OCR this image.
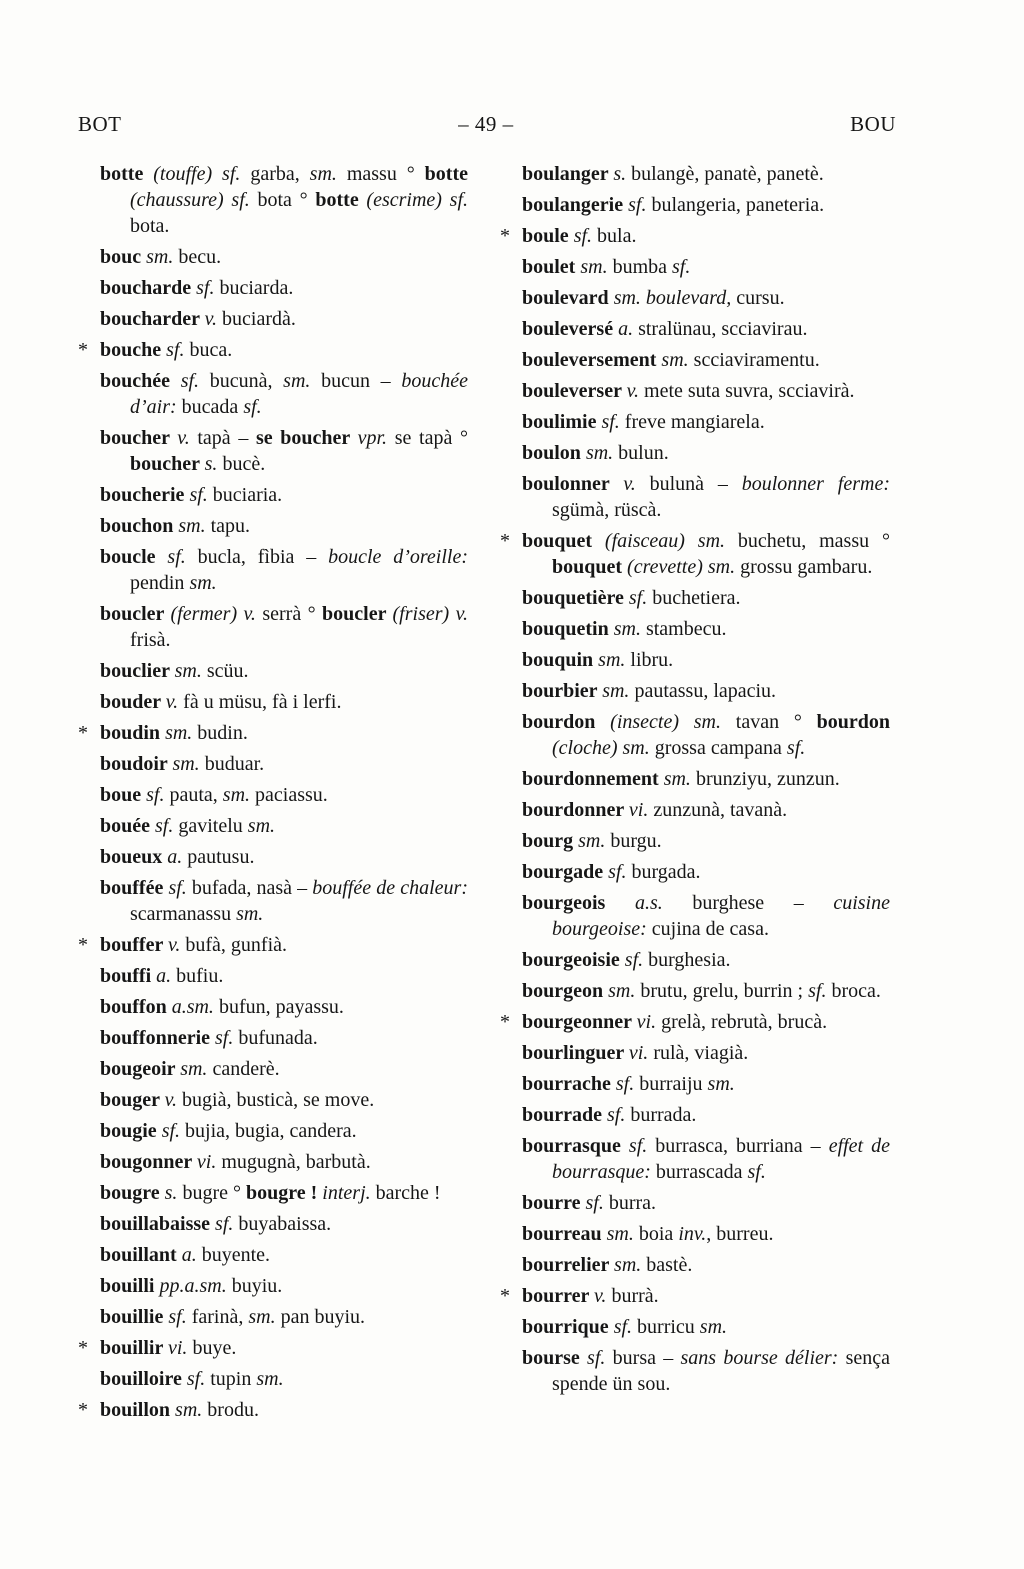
BOT	– 49 –	BOU
botte (touffe) sf. garba, sm. massu ° botte (chaussure) sf. bota ° botte (escrime) sf. bota.
bouc sm. becu.
boucharde sf. buciarda.
boucharder v. buciardà.
* bouche sf. buca.
bouchée sf. bucunà, sm. bucun – bouchée d’air: bucada sf.
boucher v. tapà – se boucher vpr. se tapà ° boucher s. bucè.
boucherie sf. buciaria.
bouchon sm. tapu.
boucle sf. bucla, fìbia – boucle d’oreille: pendin sm.
boucler (fermer) v. serrà ° boucler (friser) v. frisà.
bouclier sm. scüu.
bouder v. fà u müsu, fà i lerfi.
* boudin sm. budin.
boudoir sm. buduar.
boue sf. pauta, sm. paciassu.
bouée sf. gavitelu sm.
boueux a. pautusu.
bouffée sf. bufada, nasà – bouffée de chaleur: scarmanassu sm.
* bouffer v. bufà, gunfià.
bouffi a. bufiu.
bouffon a.sm. bufun, payassu.
bouffonnerie sf. bufunada.
bougeoir sm. canderè.
bouger v. bugià, busticà, se move.
bougie sf. bujia, bugia, candera.
bougonner vi. mugugnà, barbutà.
bougre s. bugre ° bougre ! interj. barche !
bouillabaisse sf. buyabaissa.
bouillant a. buyente.
bouilli pp.a.sm. buyiu.
bouillie sf. farinà, sm. pan buyiu.
* bouillir vi. buye.
bouilloire sf. tupin sm.
* bouillon sm. brodu.
boulanger s. bulangè, panatè, panetè.
boulangerie sf. bulangeria, paneteria.
* boule sf. bula.
boulet sm. bumba sf.
boulevard sm. boulevard, cursu.
bouleversé a. stralünau, scciavirau.
bouleversement sm. scciaviramentu.
bouleverser v. mete suta suvra, scciavirà.
boulimie sf. freve mangiarela.
boulon sm. bulun.
boulonner v. bulunà – boulonner ferme: sgümà, rüscà.
* bouquet (faisceau) sm. buchetu, massu ° bouquet (crevette) sm. grossu gambaru.
bouquetière sf. buchetiera.
bouquetin sm. stambecu.
bouquin sm. libru.
bourbier sm. pautassu, lapaciu.
bourdon (insecte) sm. tavan ° bourdon (cloche) sm. grossa campana sf.
bourdonnement sm. brunziyu, zunzun.
bourdonner vi. zunzunà, tavanà.
bourg sm. burgu.
bourgade sf. burgada.
bourgeois a.s. burghese – cuisine bourgeoise: cujina de casa.
bourgeoisie sf. burghesia.
bourgeon sm. brutu, grelu, burrin ; sf. broca.
* bourgeonner vi. grelà, rebrutà, brucà.
bourlinguer vi. rulà, viagià.
bourrache sf. burraiju sm.
bourrade sf. burrada.
bourrasque sf. burrasca, burriana – effet de bourrasque: burrascada sf.
bourre sf. burra.
bourreau sm. boia inv., burreu.
bourrelier sm. bastè.
* bourrer v. burrà.
bourrique sf. burricu sm.
bourse sf. bursa – sans bourse délier: sença spende ün sou.
